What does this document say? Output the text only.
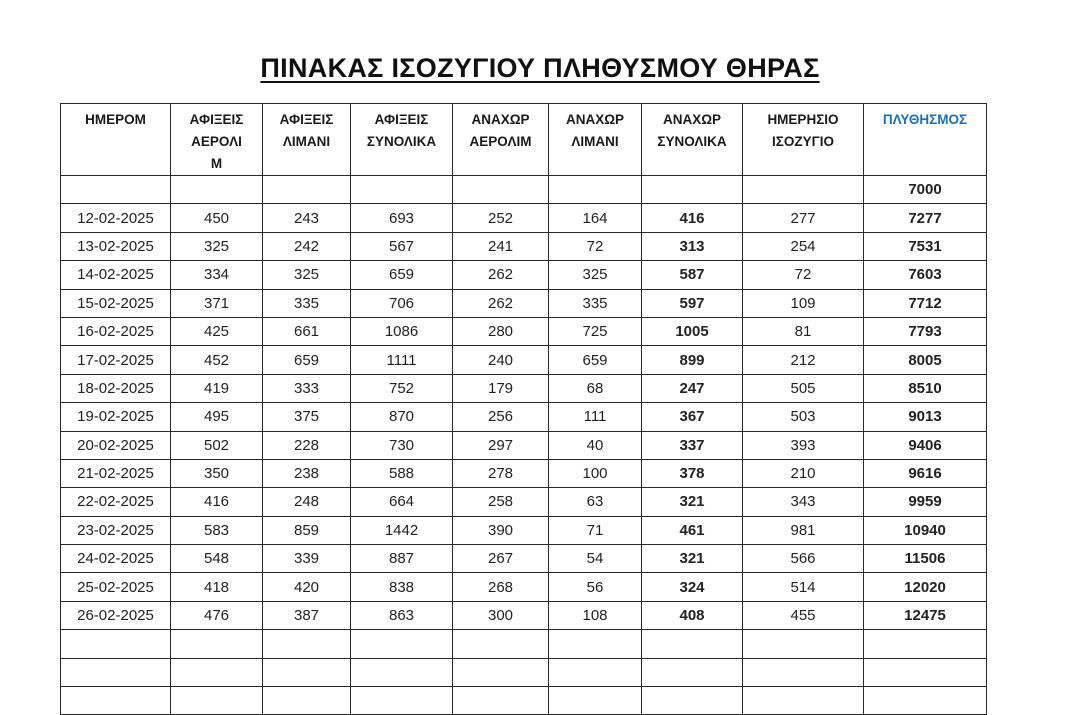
ΠΙΝΑΚΑΣ ΙΣΟΖΥΓΙΟΥ ΠΛΗΘΥΣΜΟΥ ΘΗΡΑΣ
ΗΜΕΡΟΜ	ΑΦΙΞΕΙΣ ΑΕΡΟΛΙ Μ	ΑΦΙΞΕΙΣ ΛΙΜΑΝΙ	ΑΦΙΞΕΙΣ ΣΥΝΟΛΙΚΑ	ΑΝΑΧΩΡ ΑΕΡΟΛΙΜ	ΑΝΑΧΩΡ ΛΙΜΑΝΙ	ΑΝΑΧΩΡ ΣΥΝΟΛΙΚΑ	ΗΜΕΡΗΣΙΟ ΙΣΟΖΥΓΙΟ	ΠΛΥΘΗΣΜΟΣ
								7000
12-02-2025	450	243	693	252	164	416	277	7277
13-02-2025	325	242	567	241	72	313	254	7531
14-02-2025	334	325	659	262	325	587	72	7603
15-02-2025	371	335	706	262	335	597	109	7712
16-02-2025	425	661	1086	280	725	1005	81	7793
17-02-2025	452	659	1111	240	659	899	212	8005
18-02-2025	419	333	752	179	68	247	505	8510
19-02-2025	495	375	870	256	111	367	503	9013
20-02-2025	502	228	730	297	40	337	393	9406
21-02-2025	350	238	588	278	100	378	210	9616
22-02-2025	416	248	664	258	63	321	343	9959
23-02-2025	583	859	1442	390	71	461	981	10940
24-02-2025	548	339	887	267	54	321	566	11506
25-02-2025	418	420	838	268	56	324	514	12020
26-02-2025	476	387	863	300	108	408	455	12475
